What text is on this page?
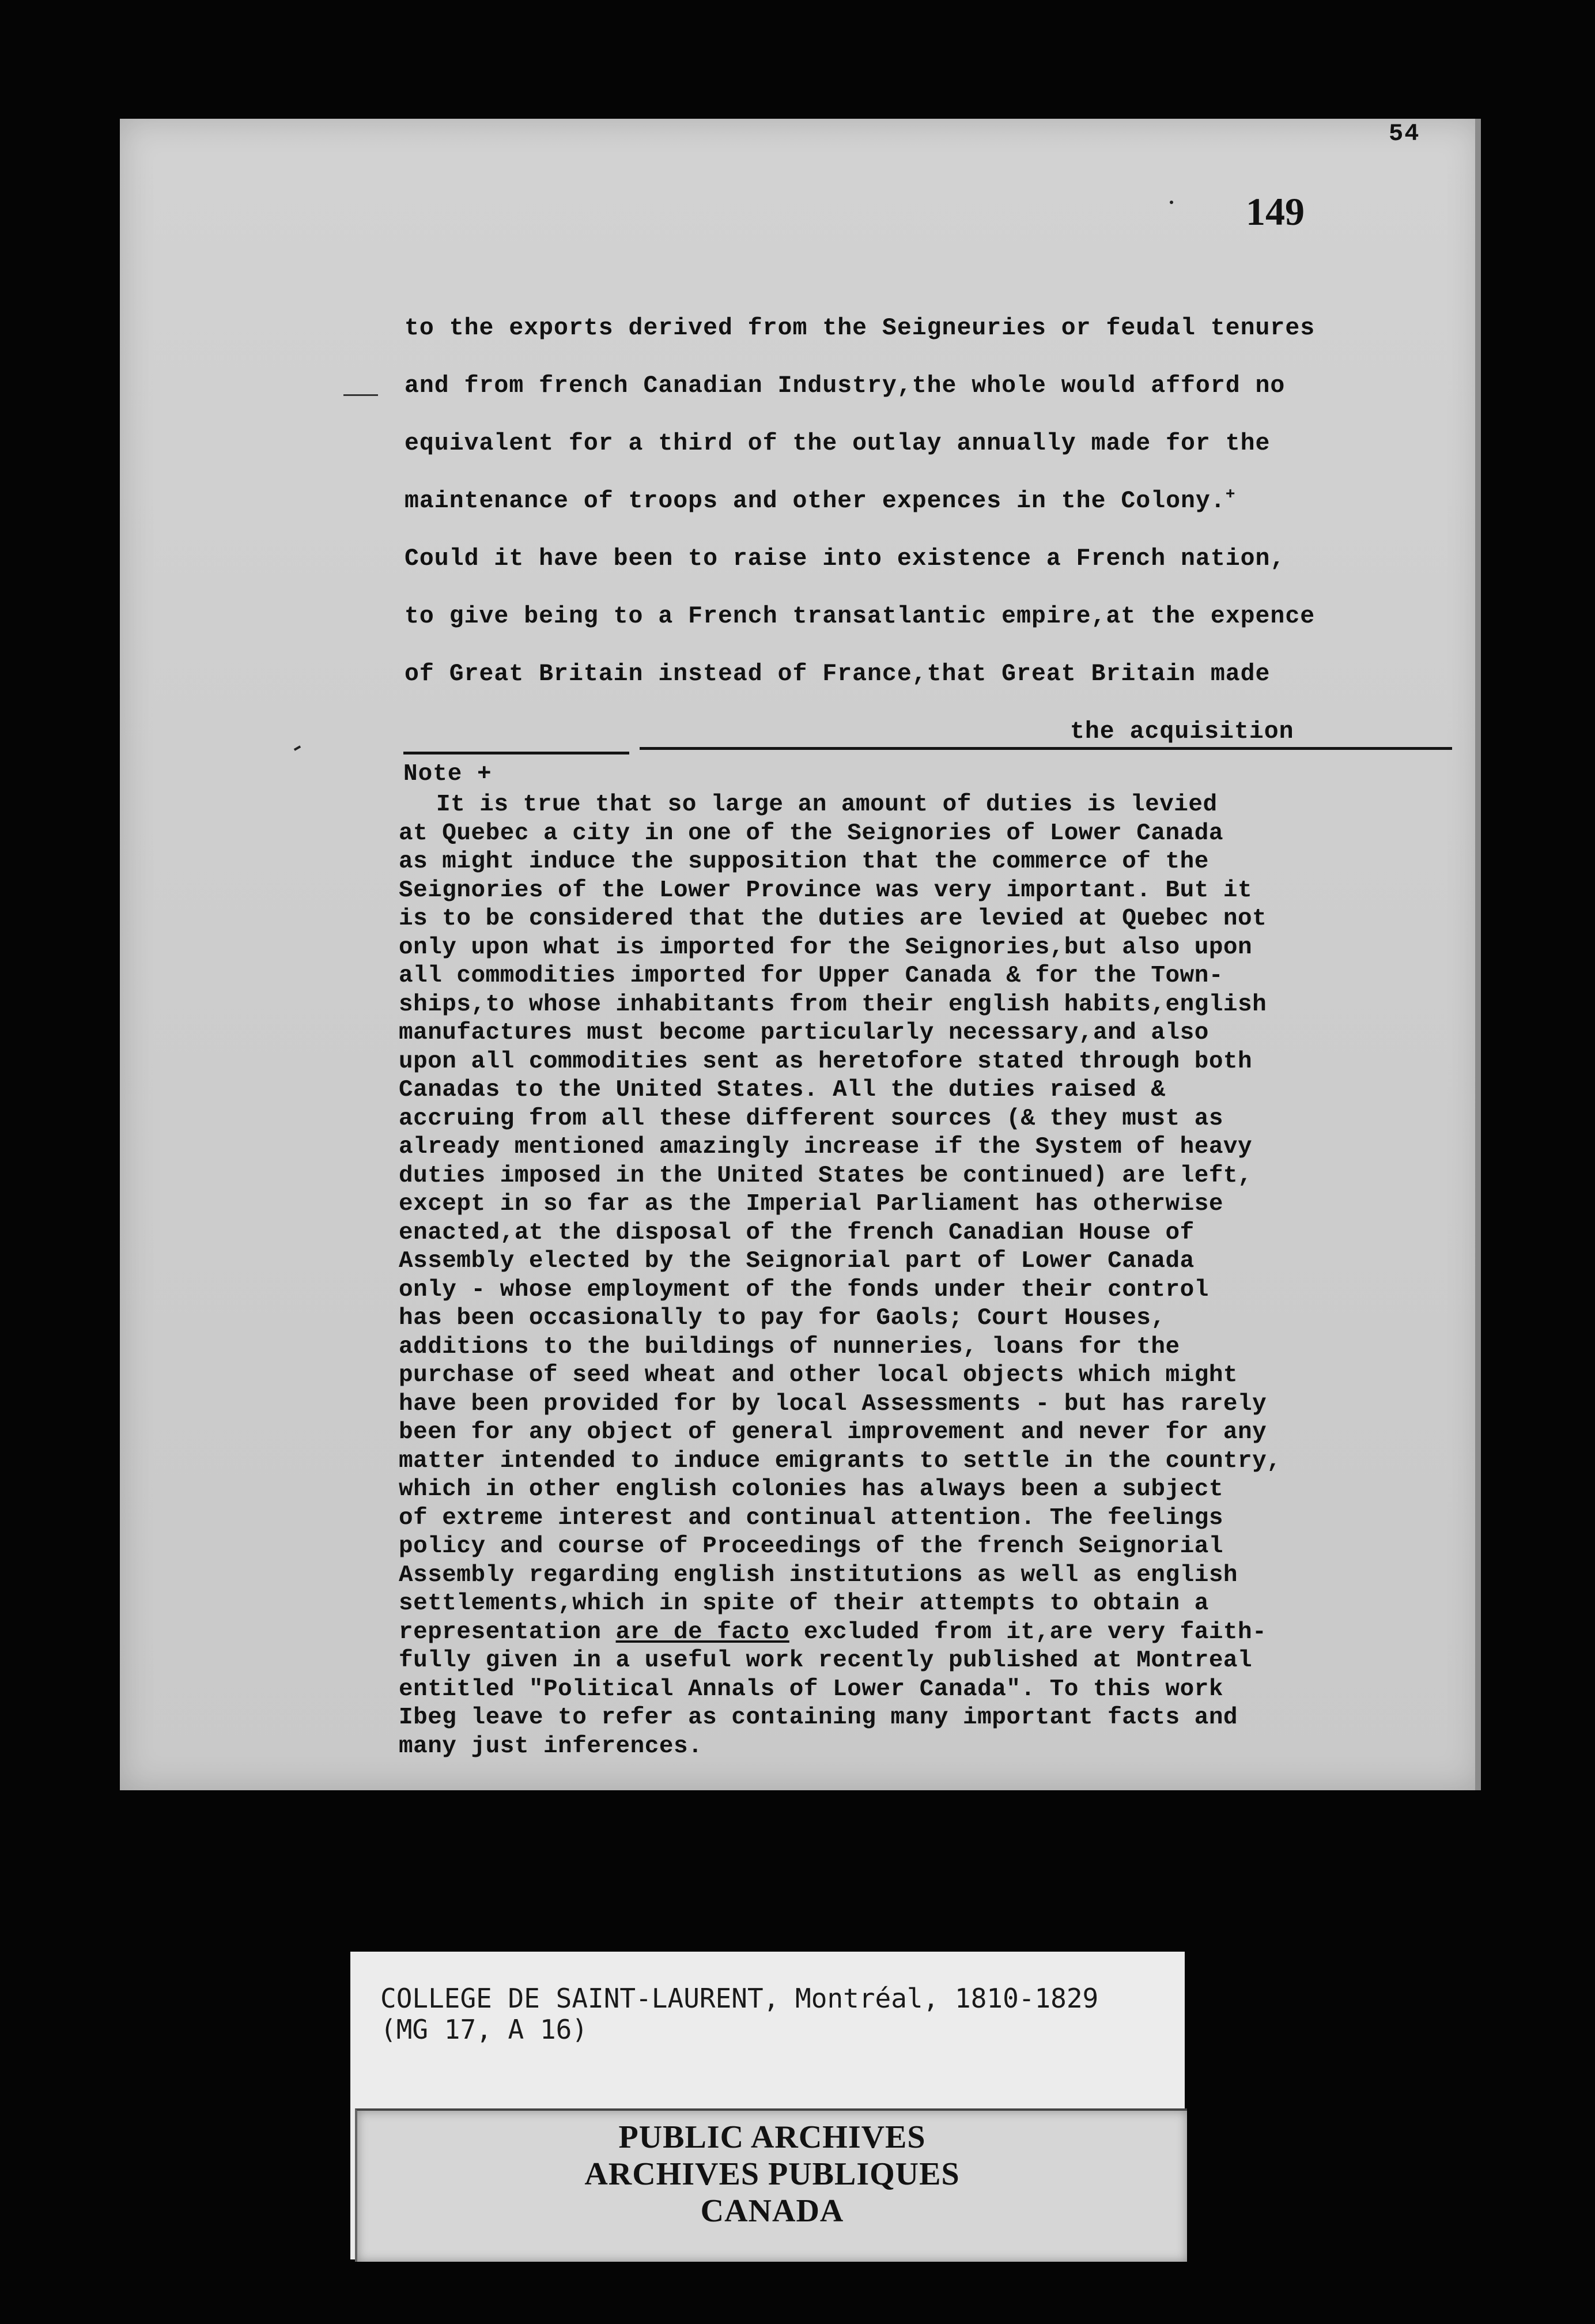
54
149
to the exports derived from the Seigneuries or feudal tenures
and from french Canadian Industry,the whole would afford no
equivalent for a third of the outlay annually made for the
maintenance of troops and other expences in the Colony.+
Could it have been to raise into existence a French nation,
to give being to a French transatlantic empire,at the expence
of Great Britain instead of France,that Great Britain made
the acquisition
Note +
It is true that so large an amount of duties is levied
at Quebec a city in one of the Seignories of Lower Canada
as might induce the supposition that the commerce of the
Seignories of the Lower Province was very important. But it
is to be considered that the duties are levied at Quebec not
only upon what is imported for the Seignories,but also upon
all commodities imported for Upper Canada & for the Town-
ships,to whose inhabitants from their english habits,english
manufactures must become particularly necessary,and also
upon all commodities sent as heretofore stated through both
Canadas to the United States. All the duties raised &
accruing from all these different sources (& they must as
already mentioned amazingly increase if the System of heavy
duties imposed in the United States be continued) are left,
except in so far as the Imperial Parliament has otherwise
enacted,at the disposal of the french Canadian House of
Assembly elected by the Seignorial part of Lower Canada
only - whose employment of the fonds under their control
has been occasionally to pay for Gaols; Court Houses,
additions to the buildings of nunneries, loans for the
purchase of seed wheat and other local objects which might
have been provided for by local Assessments - but has rarely
been for any object of general improvement and never for any
matter intended to induce emigrants to settle in the country,
which in other english colonies has always been a subject
of extreme interest and continual attention. The feelings
policy and course of Proceedings of the french Seignorial
Assembly regarding english institutions as well as english
settlements,which in spite of their attempts to obtain a
representation are de facto excluded from it,are very faith-
fully given in a useful work recently published at Montreal
entitled "Political Annals of Lower Canada". To this work
Ibeg leave to refer as containing many important facts and
many just inferences.
COLLEGE DE SAINT-LAURENT, Montréal, 1810-1829
(MG 17, A 16)
PUBLIC ARCHIVES
ARCHIVES PUBLIQUES
CANADA
